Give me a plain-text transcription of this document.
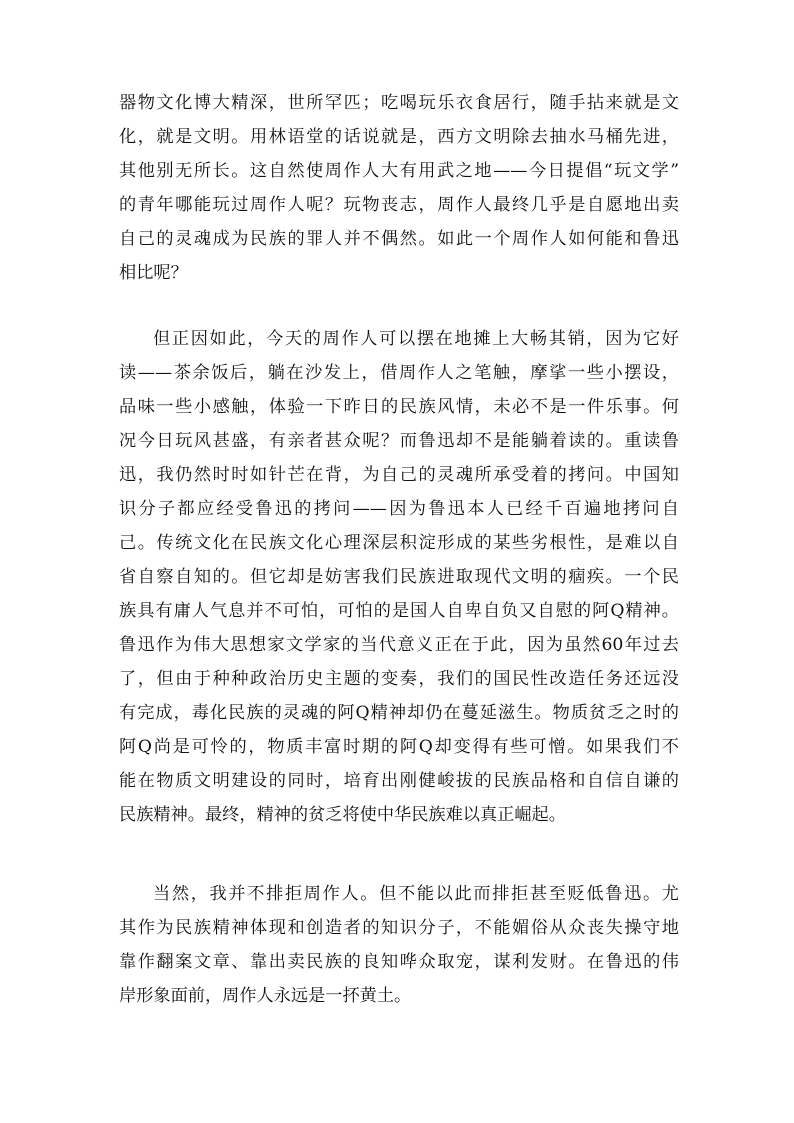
器物文化博大精深，世所罕匹；吃喝玩乐衣食居行，随手拈来就是文
化，就是文明。用林语堂的话说就是，西方文明除去抽水马桶先进，
其他别无所长。这自然使周作人大有用武之地——今日提倡“玩文学”
的青年哪能玩过周作人呢？玩物丧志，周作人最终几乎是自愿地出卖
自己的灵魂成为民族的罪人并不偶然。如此一个周作人如何能和鲁迅
相比呢？
但正因如此，今天的周作人可以摆在地摊上大畅其销，因为它好
读——茶余饭后，躺在沙发上，借周作人之笔触，摩挲一些小摆设，
品味一些小感触，体验一下昨日的民族风情，未必不是一件乐事。何
况今日玩风甚盛，有亲者甚众呢？而鲁迅却不是能躺着读的。重读鲁
迅，我仍然时时如针芒在背，为自己的灵魂所承受着的拷问。中国知
识分子都应经受鲁迅的拷问——因为鲁迅本人已经千百遍地拷问自
己。传统文化在民族文化心理深层积淀形成的某些劣根性，是难以自
省自察自知的。但它却是妨害我们民族进取现代文明的痼疾。一个民
族具有庸人气息并不可怕，可怕的是国人自卑自负又自慰的阿Q精神。
鲁迅作为伟大思想家文学家的当代意义正在于此，因为虽然60年过去
了，但由于种种政治历史主题的变奏，我们的国民性改造任务还远没
有完成，毒化民族的灵魂的阿Q精神却仍在蔓延滋生。物质贫乏之时的
阿Q尚是可怜的，物质丰富时期的阿Q却变得有些可憎。如果我们不
能在物质文明建设的同时，培育出刚健峻拔的民族品格和自信自谦的
民族精神。最终，精神的贫乏将使中华民族难以真正崛起。
当然，我并不排拒周作人。但不能以此而排拒甚至贬低鲁迅。尤
其作为民族精神体现和创造者的知识分子，不能媚俗从众丧失操守地
靠作翻案文章、靠出卖民族的良知哗众取宠，谋利发财。在鲁迅的伟
岸形象面前，周作人永远是一抔黄土。
